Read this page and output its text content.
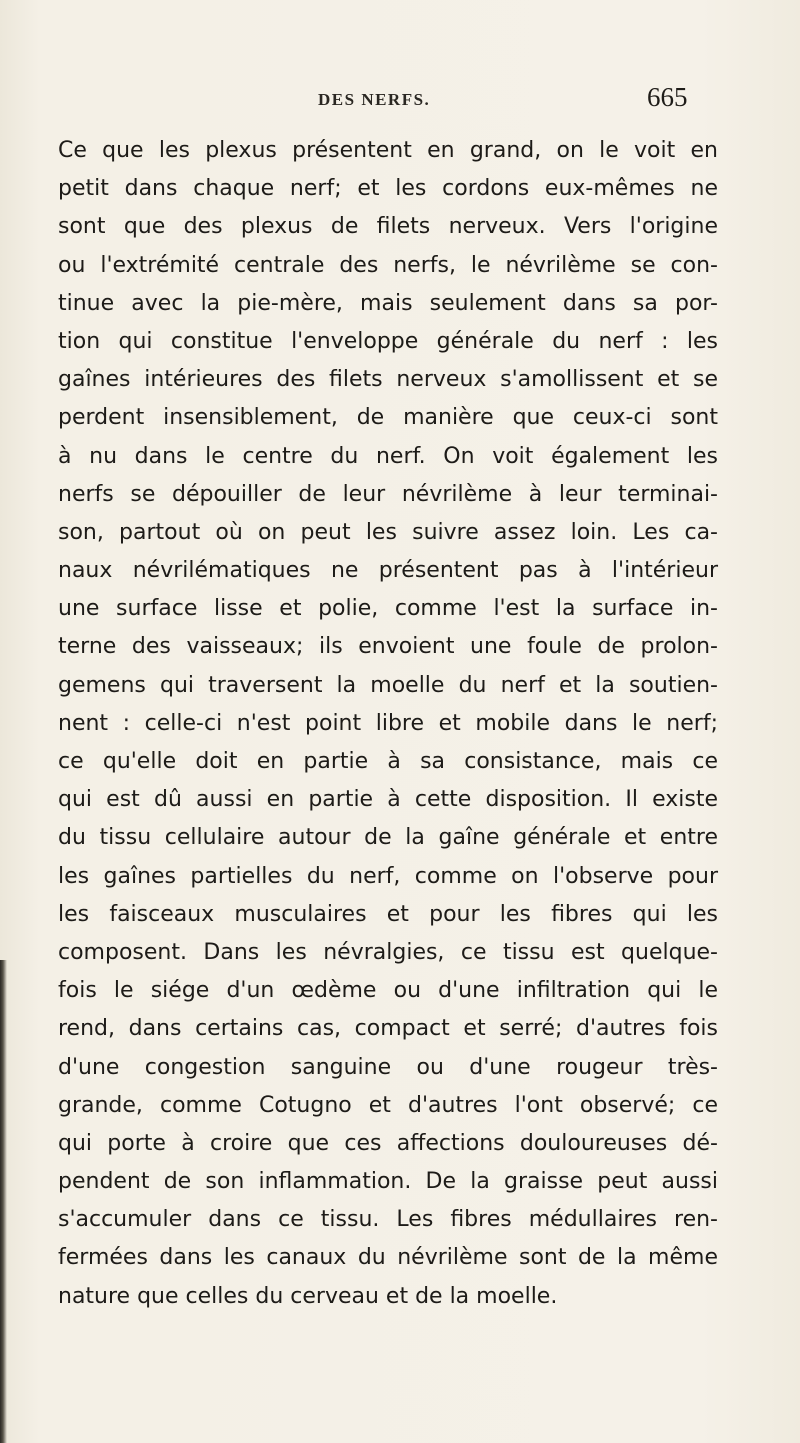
DES NERFS.	665
Ce que les plexus présentent en grand, on le voit en
petit dans chaque nerf; et les cordons eux-mêmes ne
sont que des plexus de filets nerveux. Vers l'origine
ou l'extrémité centrale des nerfs, le névrilème se con-
tinue avec la pie-mère, mais seulement dans sa por-
tion qui constitue l'enveloppe générale du nerf : les
gaînes intérieures des filets nerveux s'amollissent et se
perdent insensiblement, de manière que ceux-ci sont
à nu dans le centre du nerf. On voit également les
nerfs se dépouiller de leur névrilème à leur terminai-
son, partout où on peut les suivre assez loin. Les ca-
naux névrilématiques ne présentent pas à l'intérieur
une surface lisse et polie, comme l'est la surface in-
terne des vaisseaux; ils envoient une foule de prolon-
gemens qui traversent la moelle du nerf et la soutien-
nent : celle-ci n'est point libre et mobile dans le nerf;
ce qu'elle doit en partie à sa consistance, mais ce
qui est dû aussi en partie à cette disposition. Il existe
du tissu cellulaire autour de la gaîne générale et entre
les gaînes partielles du nerf, comme on l'observe pour
les faisceaux musculaires et pour les fibres qui les
composent. Dans les névralgies, ce tissu est quelque-
fois le siége d'un œdème ou d'une infiltration qui le
rend, dans certains cas, compact et serré; d'autres fois
d'une congestion sanguine ou d'une rougeur très-
grande, comme Cotugno et d'autres l'ont observé; ce
qui porte à croire que ces affections douloureuses dé-
pendent de son inflammation. De la graisse peut aussi
s'accumuler dans ce tissu. Les fibres médullaires ren-
fermées dans les canaux du névrilème sont de la même
nature que celles du cerveau et de la moelle.
